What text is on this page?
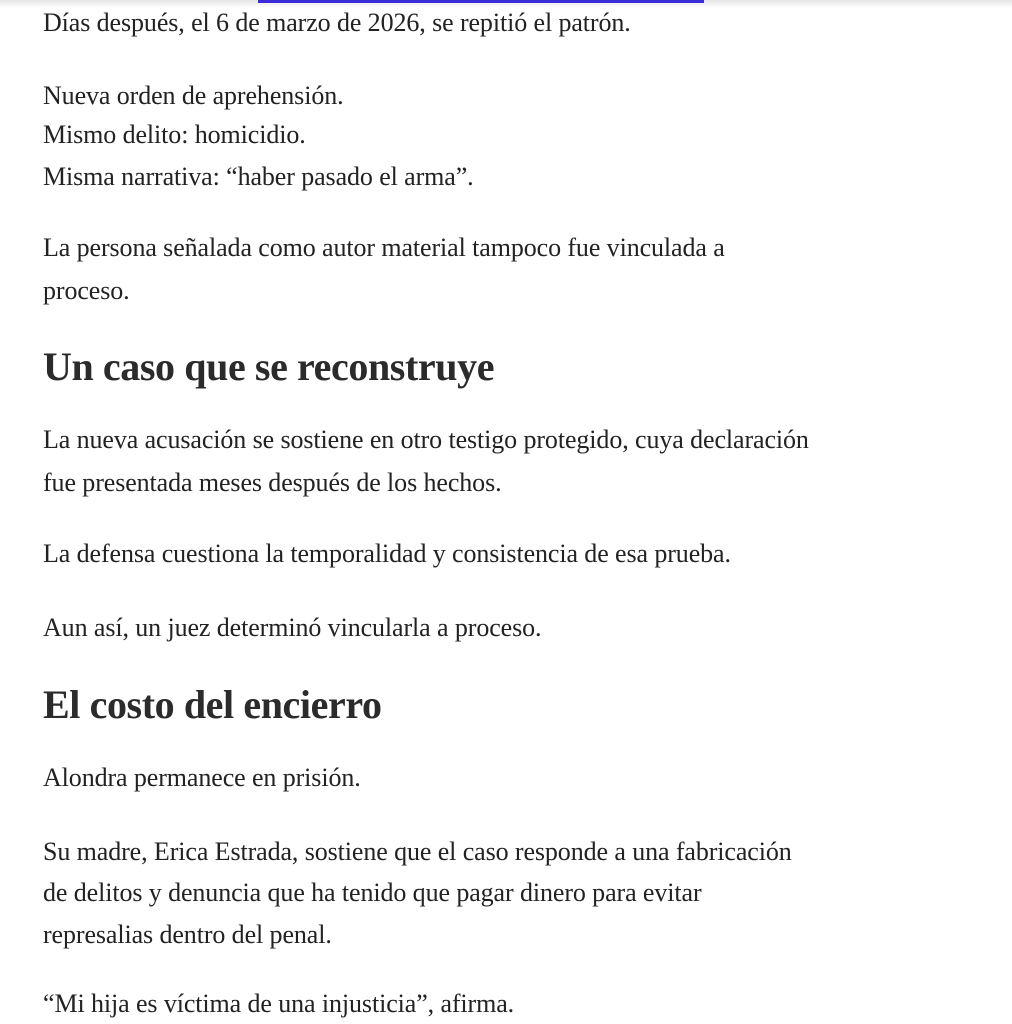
Días después, el 6 de marzo de 2026, se repitió el patrón.

Nueva orden de aprehensión.

Mismo delito: homicidio.

Misma narrativa: “haber pasado el arma”.

La persona señalada como autor material tampoco fue vinculada a

proceso.

Un caso que se reconstruye

La nueva acusación se sostiene en otro testigo protegido, cuya declaración

fue presentada meses después de los hechos.

La defensa cuestiona la temporalidad y consistencia de esa prueba.

Aun así, un juez determinó vincularla a proceso.

El costo del encierro

Alondra permanece en prisión.

Su madre, Erica Estrada, sostiene que el caso responde a una fabricación

de delitos y denuncia que ha tenido que pagar dinero para evitar

represalias dentro del penal.

“Mi hija es víctima de una injusticia”, afirma.
